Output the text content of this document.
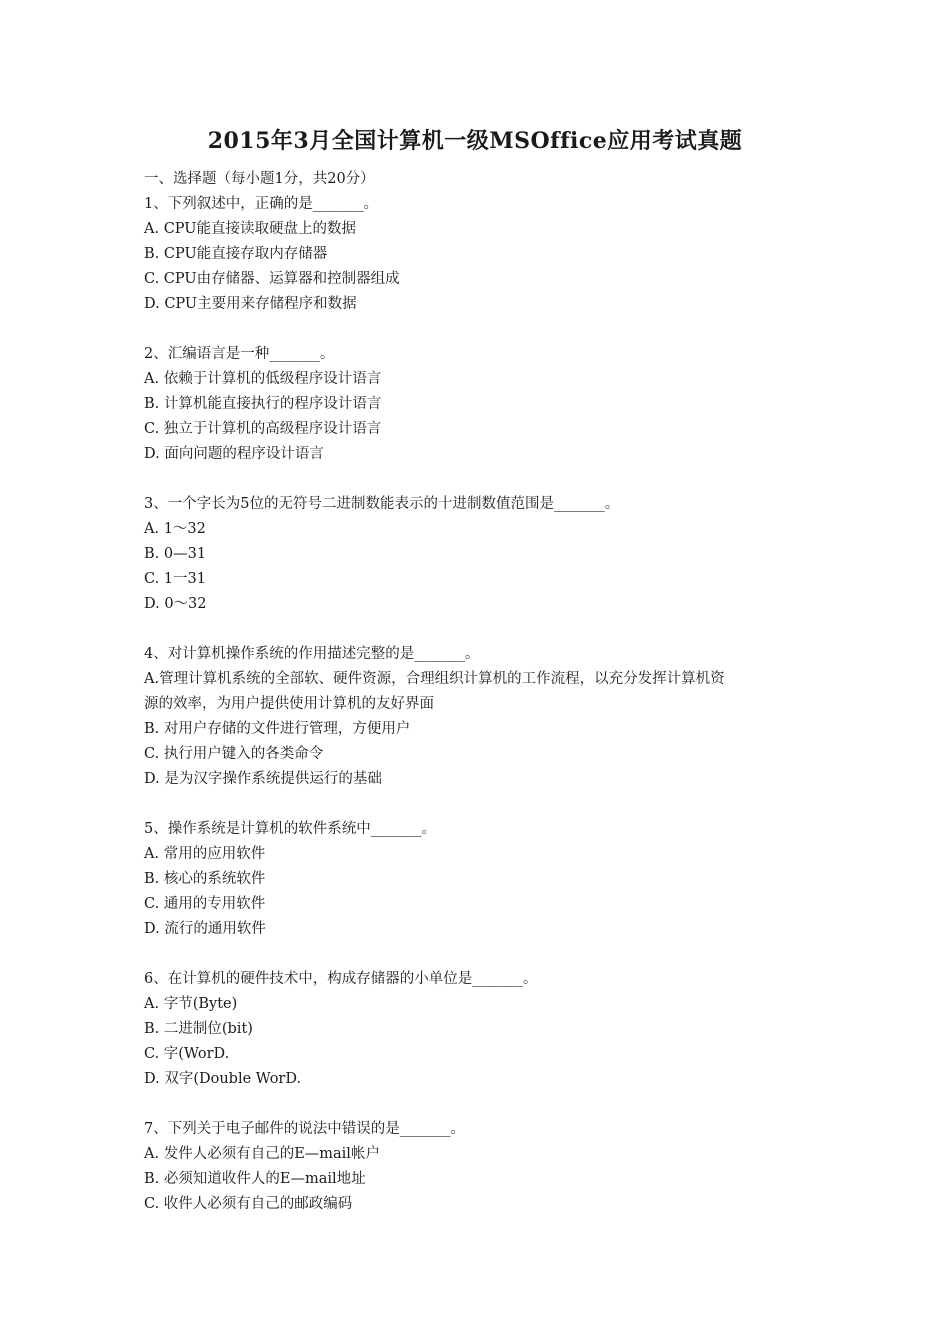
2015年3月全国计算机一级MSOffice应用考试真题
一、选择题（每小题1分，共20分）
1、下列叙述中，正确的是_______。
A. CPU能直接读取硬盘上的数据
B. CPU能直接存取内存储器
C. CPU由存储器、运算器和控制器组成
D. CPU主要用来存储程序和数据
2、汇编语言是一种_______。
A. 依赖于计算机的低级程序设计语言
B. 计算机能直接执行的程序设计语言
C. 独立于计算机的高级程序设计语言
D. 面向问题的程序设计语言
3、一个字长为5位的无符号二进制数能表示的十进制数值范围是_______。
A. 1～32
B. 0—31
C. 1一31
D. 0～32
4、对计算机操作系统的作用描述完整的是_______。
A.管理计算机系统的全部软、硬件资源，合理组织计算机的工作流程，以充分发挥计算机资
源的效率，为用户提供使用计算机的友好界面
B. 对用户存储的文件进行管理，方便用户
C. 执行用户键入的各类命令
D. 是为汉字操作系统提供运行的基础
5、操作系统是计算机的软件系统中_______。
A. 常用的应用软件
B. 核心的系统软件
C. 通用的专用软件
D. 流行的通用软件
6、在计算机的硬件技术中，构成存储器的小单位是_______。
A. 字节(Byte)
B. 二进制位(bit)
C. 字(WorD.
D. 双字(Double WorD.
7、下列关于电子邮件的说法中错误的是_______。
A. 发件人必须有自己的E—mail帐户
B. 必须知道收件人的E—mail地址
C. 收件人必须有自己的邮政编码
